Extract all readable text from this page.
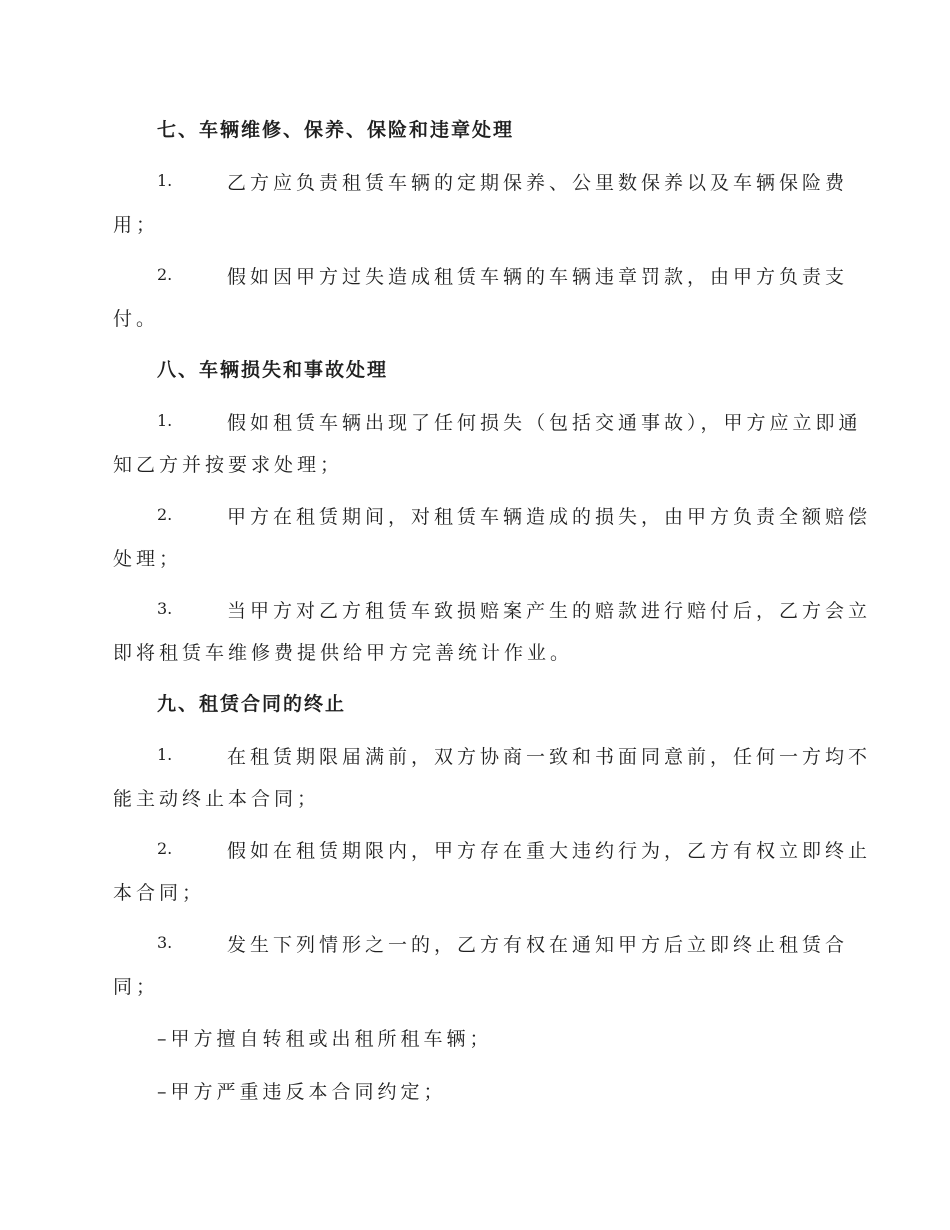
七、车辆维修、保养、保险和违章处理
1.	乙方应负责租赁车辆的定期保养、公里数保养以及车辆保险费
用；
2.	假如因甲方过失造成租赁车辆的车辆违章罚款，由甲方负责支
付。
八、车辆损失和事故处理
1.	假如租赁车辆出现了任何损失（包括交通事故），甲方应立即通
知乙方并按要求处理；
2.	甲方在租赁期间，对租赁车辆造成的损失，由甲方负责全额赔偿
处理；
3.	当甲方对乙方租赁车致损赔案产生的赔款进行赔付后，乙方会立
即将租赁车维修费提供给甲方完善统计作业。
九、租赁合同的终止
1.	在租赁期限届满前，双方协商一致和书面同意前，任何一方均不
能主动终止本合同；
2.	假如在租赁期限内，甲方存在重大违约行为，乙方有权立即终止
本合同；
3.	发生下列情形之一的，乙方有权在通知甲方后立即终止租赁合
同；
–甲方擅自转租或出租所租车辆；
–甲方严重违反本合同约定；
